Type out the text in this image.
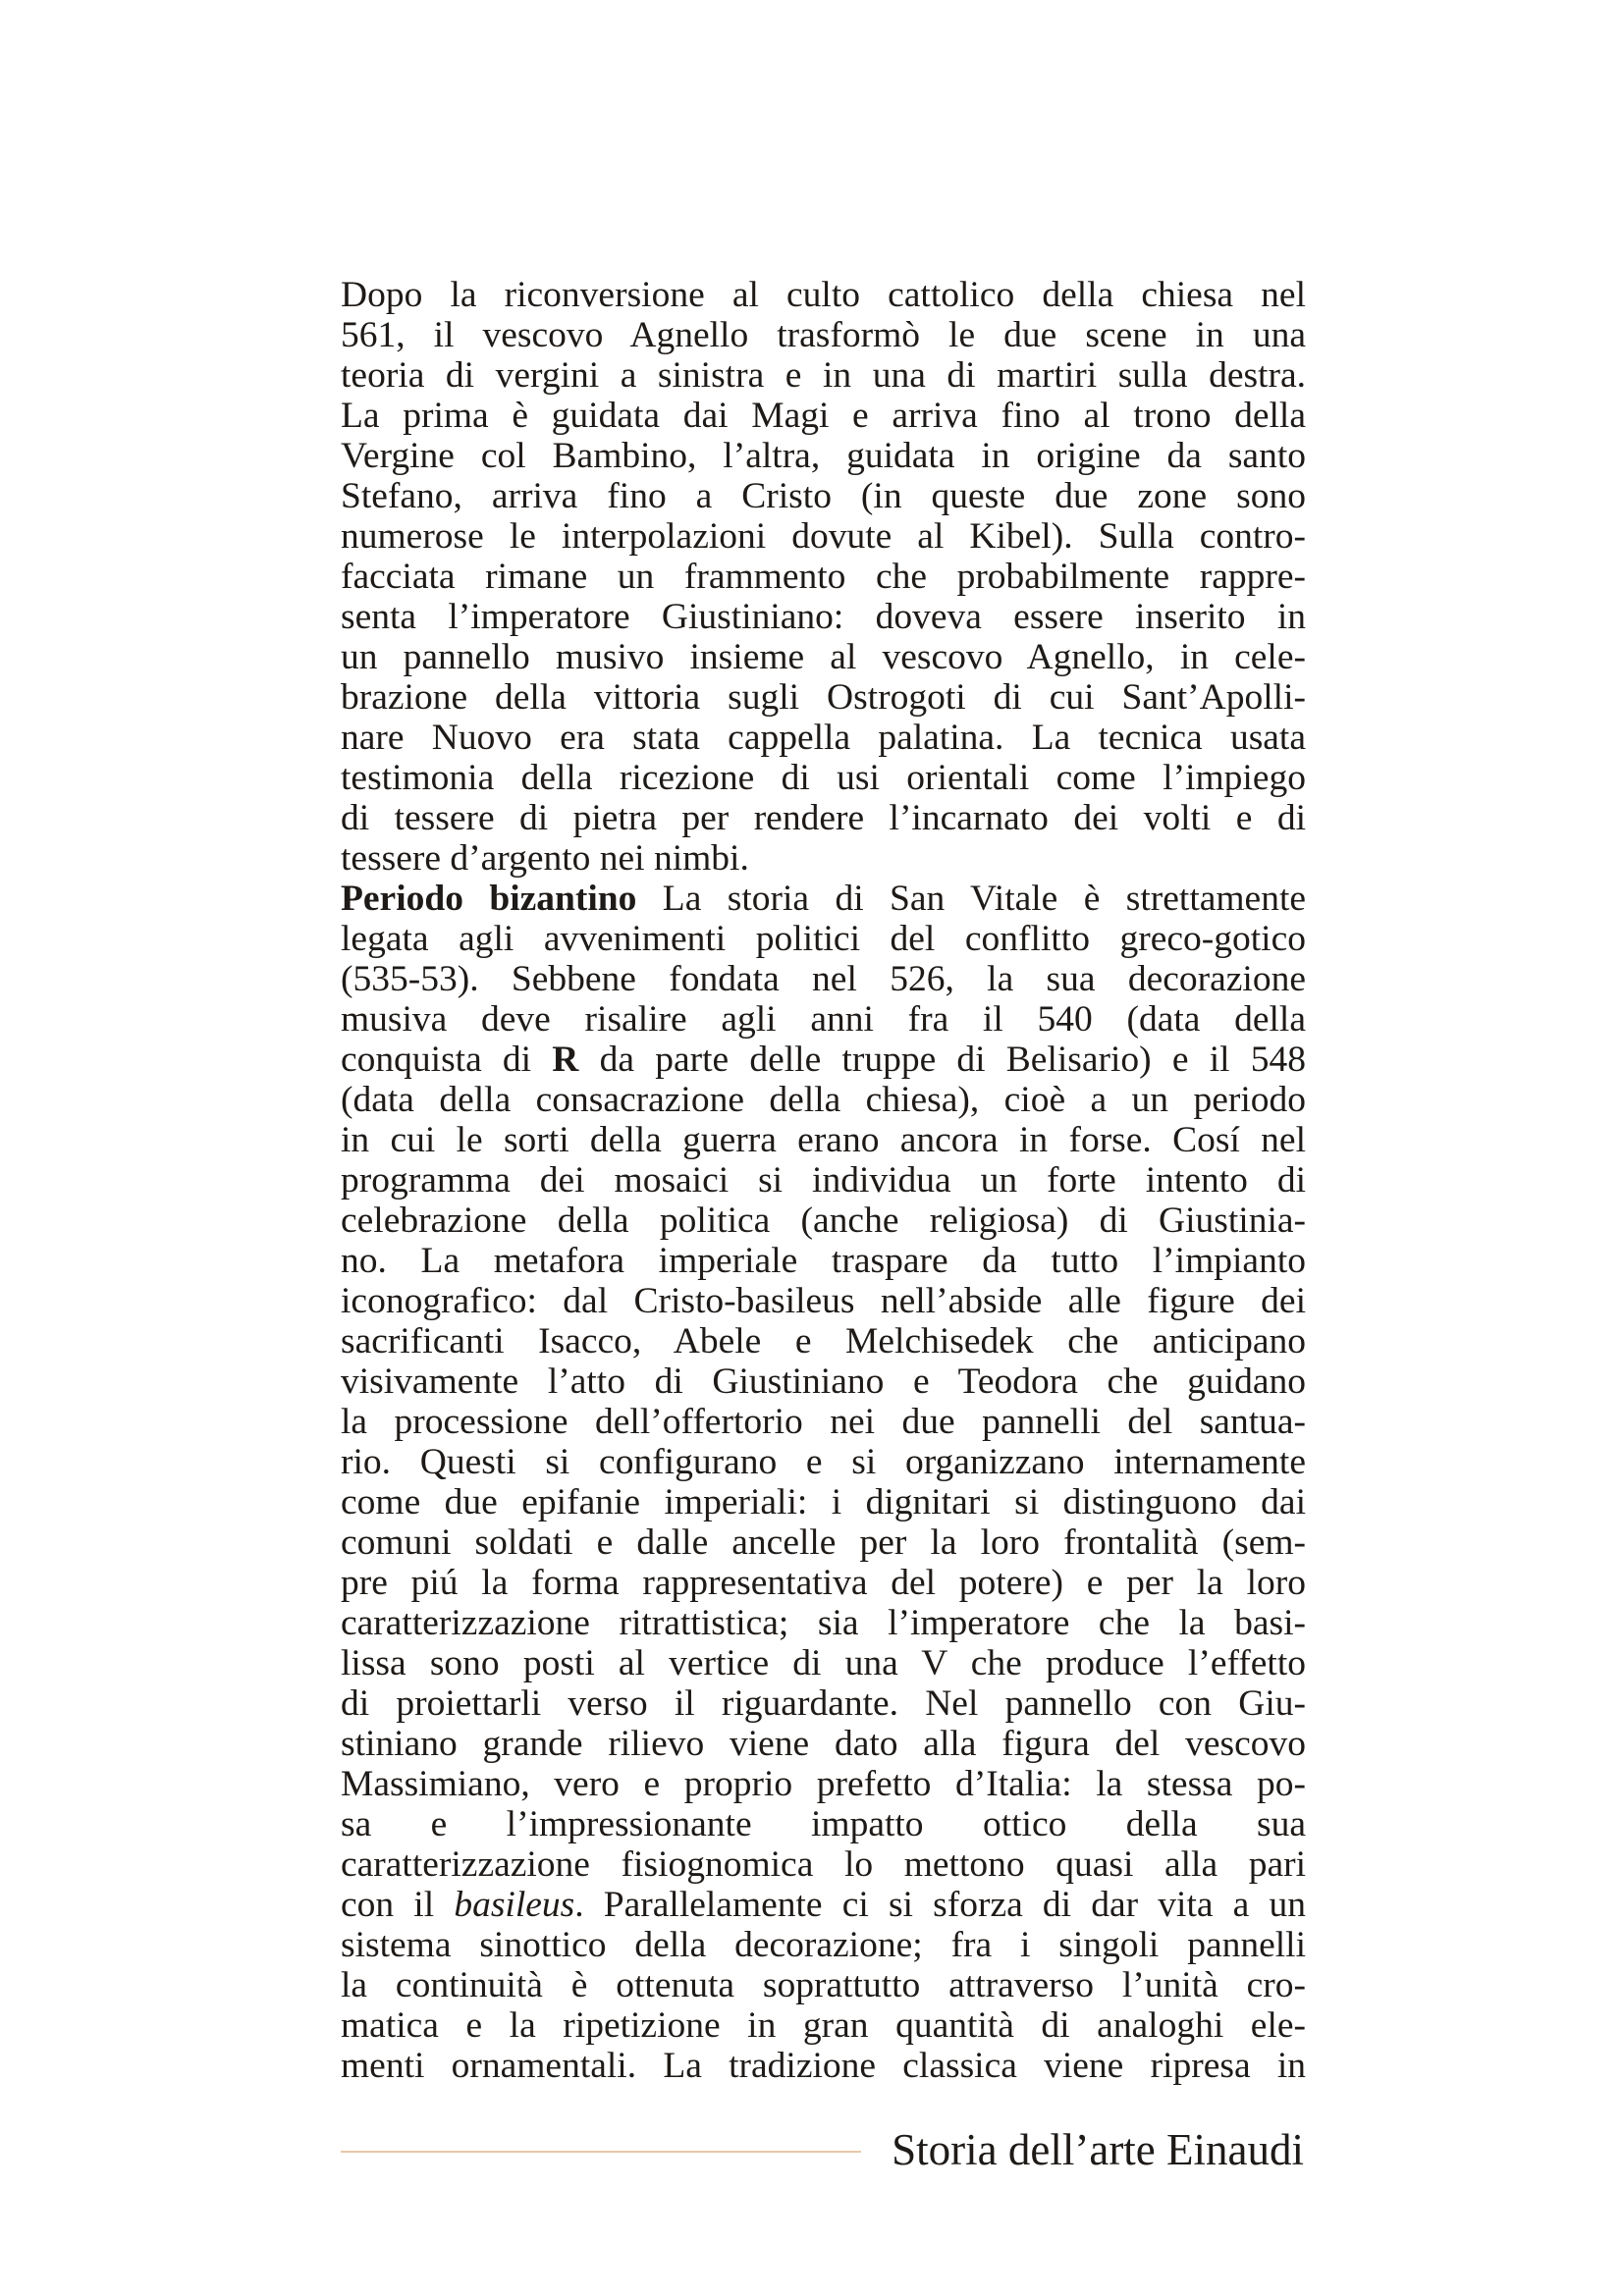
Dopo la riconversione al culto cattolico della chiesa nel
561, il vescovo Agnello trasformò le due scene in una
teoria di vergini a sinistra e in una di martiri sulla destra.
La prima è guidata dai Magi e arriva fino al trono della
Vergine col Bambino, l’altra, guidata in origine da santo
Stefano, arriva fino a Cristo (in queste due zone sono
numerose le interpolazioni dovute al Kibel). Sulla contro-
facciata rimane un frammento che probabilmente rappre-
senta l’imperatore Giustiniano: doveva essere inserito in
un pannello musivo insieme al vescovo Agnello, in cele-
brazione della vittoria sugli Ostrogoti di cui Sant’Apolli-
nare Nuovo era stata cappella palatina. La tecnica usata
testimonia della ricezione di usi orientali come l’impiego
di tessere di pietra per rendere l’incarnato dei volti e di
tessere d’argento nei nimbi.
Periodo bizantino La storia di San Vitale è strettamente
legata agli avvenimenti politici del conflitto greco-gotico
(535-53). Sebbene fondata nel 526, la sua decorazione
musiva deve risalire agli anni fra il 540 (data della
conquista di R da parte delle truppe di Belisario) e il 548
(data della consacrazione della chiesa), cioè a un periodo
in cui le sorti della guerra erano ancora in forse. Cosí nel
programma dei mosaici si individua un forte intento di
celebrazione della politica (anche religiosa) di Giustinia-
no. La metafora imperiale traspare da tutto l’impianto
iconografico: dal Cristo-basileus nell’abside alle figure dei
sacrificanti Isacco, Abele e Melchisedek che anticipano
visivamente l’atto di Giustiniano e Teodora che guidano
la processione dell’offertorio nei due pannelli del santua-
rio. Questi si configurano e si organizzano internamente
come due epifanie imperiali: i dignitari si distinguono dai
comuni soldati e dalle ancelle per la loro frontalità (sem-
pre piú la forma rappresentativa del potere) e per la loro
caratterizzazione ritrattistica; sia l’imperatore che la basi-
lissa sono posti al vertice di una V che produce l’effetto
di proiettarli verso il riguardante. Nel pannello con Giu-
stiniano grande rilievo viene dato alla figura del vescovo
Massimiano, vero e proprio prefetto d’Italia: la stessa po-
sa e l’impressionante impatto ottico della sua
caratterizzazione fisiognomica lo mettono quasi alla pari
con il basileus. Parallelamente ci si sforza di dar vita a un
sistema sinottico della decorazione; fra i singoli pannelli
la continuità è ottenuta soprattutto attraverso l’unità cro-
matica e la ripetizione in gran quantità di analoghi ele-
menti ornamentali. La tradizione classica viene ripresa in
Storia dell’arte Einaudi
